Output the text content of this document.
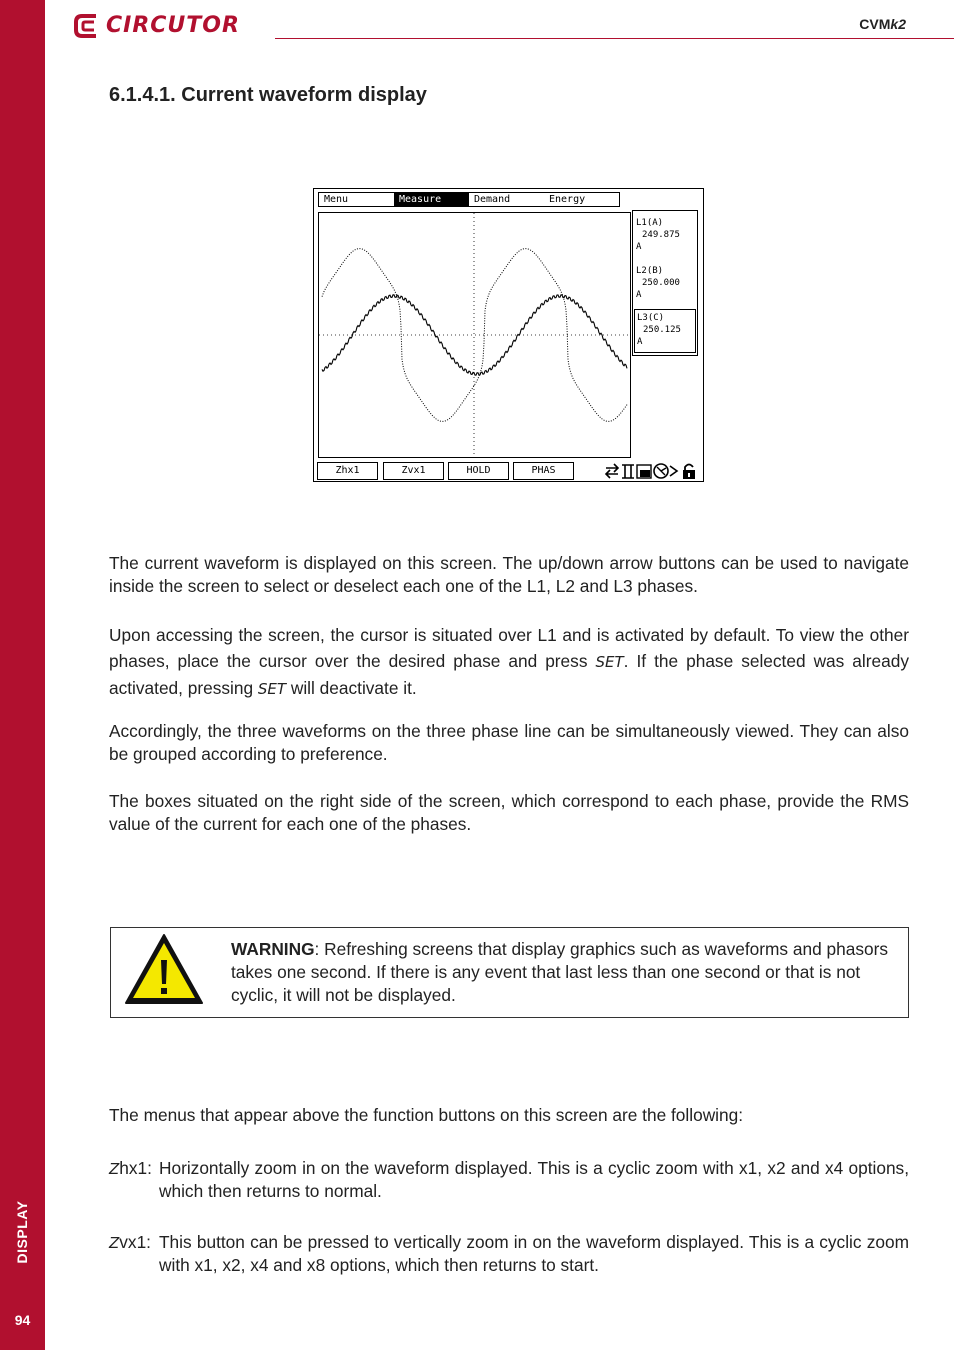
DISPLAY
94
CIRCUTOR	CVMk2
6.1.4.1. Current waveform display
Menu	Measure	Demand	Energy
L1(A)
249.875
A
L2(B)
250.000
A
L3(C)
250.125
A
Zhx1	Zvx1	HOLD	PHAS
The current waveform is displayed on this screen. The up/down arrow buttons can be used to navigate inside the screen to select or deselect each one of the L1, L2 and L3 phases.
Upon accessing the screen, the cursor is situated over L1 and is activated by default. To view the other phases, place the cursor over the desired phase and press SET. If the phase selected was already activated, pressing SET will deactivate it.
Accordingly, the three waveforms on the three phase line can be simultaneously viewed. They can also be grouped according to preference.
The boxes situated on the right side of the screen, which correspond to each phase, provide the RMS value of the current for each one of the phases.
WARNING: Refreshing screens that display graphics such as waveforms and phasors takes one second. If there is any event that last less than one second or that is not cyclic, it will not be displayed.
The menus that appear above the function buttons on this screen are the following:
Zhx1: Horizontally zoom in on the waveform displayed. This is a cyclic zoom with x1, x2 and x4 options, which then returns to normal.
Zvx1: This button can be pressed to vertically zoom in on the waveform displayed. This is a cyclic zoom with x1, x2, x4 and x8 options, which then returns to start.
